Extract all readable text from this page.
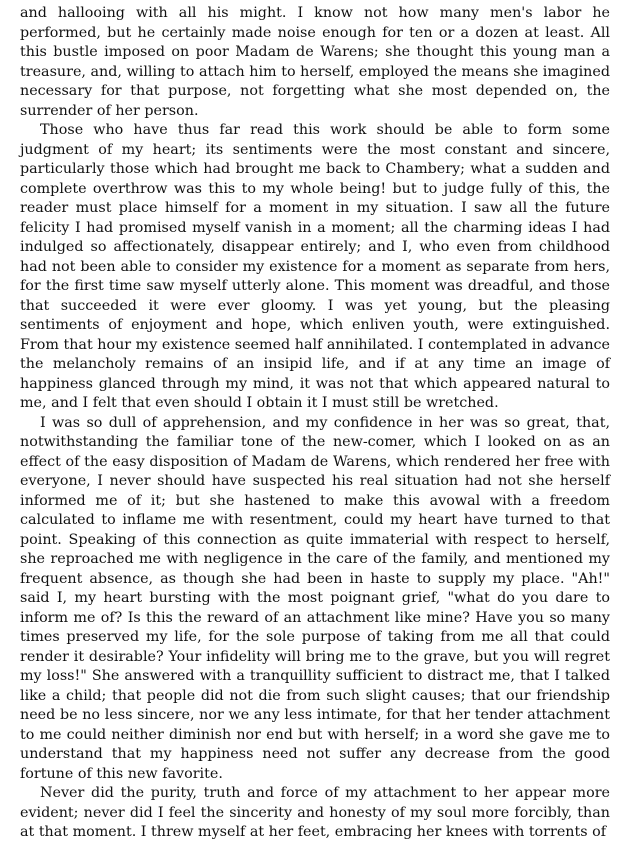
and hallooing with all his might. I know not how many men's labor he performed, but he certainly made noise enough for ten or a dozen at least. All this bustle imposed on poor Madam de Warens; she thought this young man a treasure, and, willing to attach him to herself, employed the means she imagined necessary for that purpose, not forgetting what she most depended on, the surrender of her person.

Those who have thus far read this work should be able to form some judgment of my heart; its sentiments were the most constant and sincere, particularly those which had brought me back to Chambery; what a sudden and complete overthrow was this to my whole being! but to judge fully of this, the reader must place himself for a moment in my situation. I saw all the future felicity I had promised myself vanish in a moment; all the charming ideas I had indulged so affectionately, disappear entirely; and I, who even from childhood had not been able to consider my existence for a moment as separate from hers, for the first time saw myself utterly alone. This moment was dreadful, and those that succeeded it were ever gloomy. I was yet young, but the pleasing sentiments of enjoyment and hope, which enliven youth, were extinguished. From that hour my existence seemed half annihilated. I contemplated in advance the melancholy remains of an insipid life, and if at any time an image of happiness glanced through my mind, it was not that which appeared natural to me, and I felt that even should I obtain it I must still be wretched.

I was so dull of apprehension, and my confidence in her was so great, that, notwithstanding the familiar tone of the new-comer, which I looked on as an effect of the easy disposition of Madam de Warens, which rendered her free with everyone, I never should have suspected his real situation had not she herself informed me of it; but she hastened to make this avowal with a freedom calculated to inflame me with resentment, could my heart have turned to that point. Speaking of this connection as quite immaterial with respect to herself, she reproached me with negligence in the care of the family, and mentioned my frequent absence, as though she had been in haste to supply my place. "Ah!" said I, my heart bursting with the most poignant grief, "what do you dare to inform me of? Is this the reward of an attachment like mine? Have you so many times preserved my life, for the sole purpose of taking from me all that could render it desirable? Your infidelity will bring me to the grave, but you will regret my loss!" She answered with a tranquillity sufficient to distract me, that I talked like a child; that people did not die from such slight causes; that our friendship need be no less sincere, nor we any less intimate, for that her tender attachment to me could neither diminish nor end but with herself; in a word she gave me to understand that my happiness need not suffer any decrease from the good fortune of this new favorite.

Never did the purity, truth and force of my attachment to her appear more evident; never did I feel the sincerity and honesty of my soul more forcibly, than at that moment. I threw myself at her feet, embracing her knees with torrents of
